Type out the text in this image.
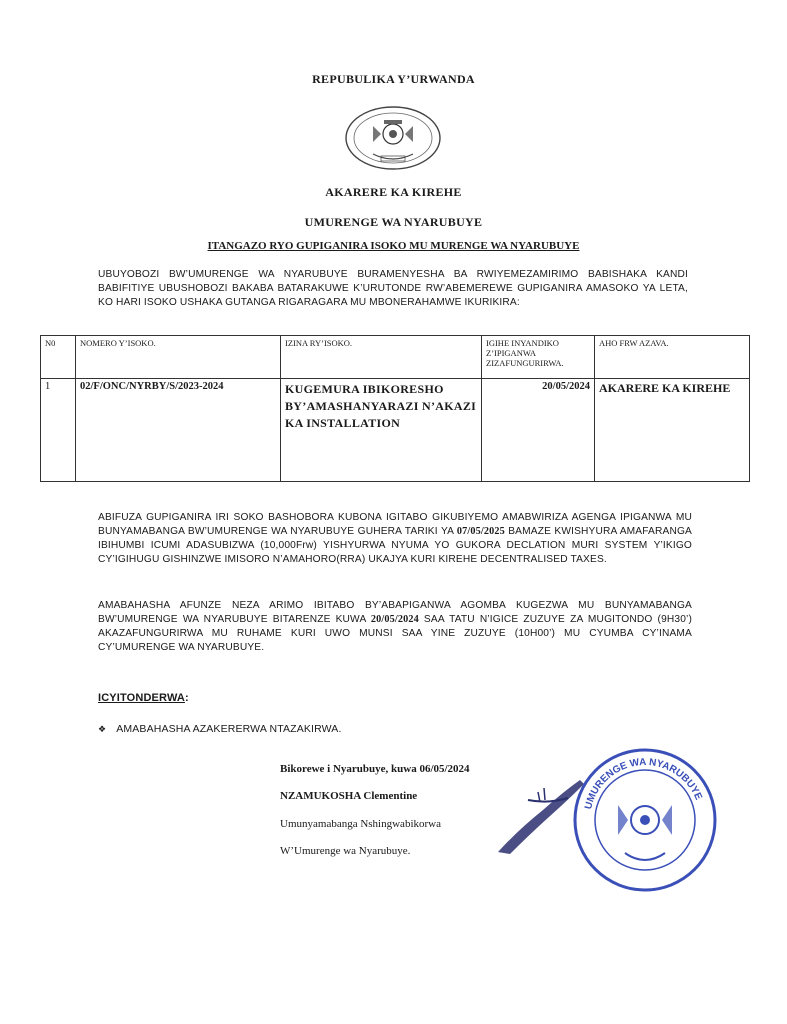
REPUBULIKA Y’URWANDA
AKARERE KA KIREHE
UMURENGE WA NYARUBUYE
ITANGAZO RYO GUPIGANIRA ISOKO MU MURENGE WA NYARUBUYE

UBUYOBOZI BW’UMURENGE WA NYARUBUYE BURAMENYESHA BA RWIYEMEZAMIRIMO BABISHAKA KANDI BABIFITIYE UBUSHOBOZI BAKABA BATARAKUWE K’URUTONDE RW’ABEMEREWE GUPIGANIRA AMASOKO YA LETA, KO HARI ISOKO USHAKA GUTANGA RIGARAGARA MU MBONERAHAMWE IKURIKIRA:

N0	NOMERO Y’ISOKO.	IZINA RY’ISOKO.	IGIHE INYANDIKO Z’IPIGANWA ZIZAFUNGURIRWA.	AHO FRW AZAVA.
1	02/F/ONC/NYRBY/S/2023-2024	KUGEMURA IBIKORESHO BY’AMASHANYARAZI N’AKAZI KA INSTALLATION	20/05/2024	AKARERE KA KIREHE

ABIFUZA GUPIGANIRA IRI SOKO BASHOBORA KUBONA IGITABO GIKUBIYEMO AMABWIRIZA AGENGA IPIGANWA MU BUNYAMABANGA BW’UMURENGE WA NYARUBUYE GUHERA TARIKI YA 07/05/2025 BAMAZE KWISHYURA AMAFARANGA IBIHUMBI ICUMI ADASUBIZWA (10,000Frw) YISHYURWA NYUMA YO GUKORA DECLATION MURI SYSTEM Y’IKIGO CY’IGIHUGU GISHINZWE IMISORO N’AMAHORO(RRA) UKAJYA KURI KIREHE DECENTRALISED TAXES.

AMABAHASHA AFUNZE NEZA ARIMO IBITABO BY’ABAPIGANWA AGOMBA KUGEZWA MU BUNYAMABANGA BW’UMURENGE WA NYARUBUYE BITARENZE KUWA 20/05/2024 SAA TATU N’IGICE ZUZUYE ZA MUGITONDO (9H30’) AKAZAFUNGURIRWA MU RUHAME KURI UWO MUNSI SAA YINE ZUZUYE (10H00’) MU CYUMBA CY’INAMA CY’UMURENGE WA NYARUBUYE.

ICYITONDERWA:
❖ AMABAHASHA AZAKERERWA NTAZAKIRWA.
Bikorewe i Nyarubuye, kuwa 06/05/2024
NZAMUKOSHA Clementine
Umunyamabanga Nshingwabikorwa
W’Umurenge wa Nyarubuye.
UMURENGE WA NYARUBUYE
